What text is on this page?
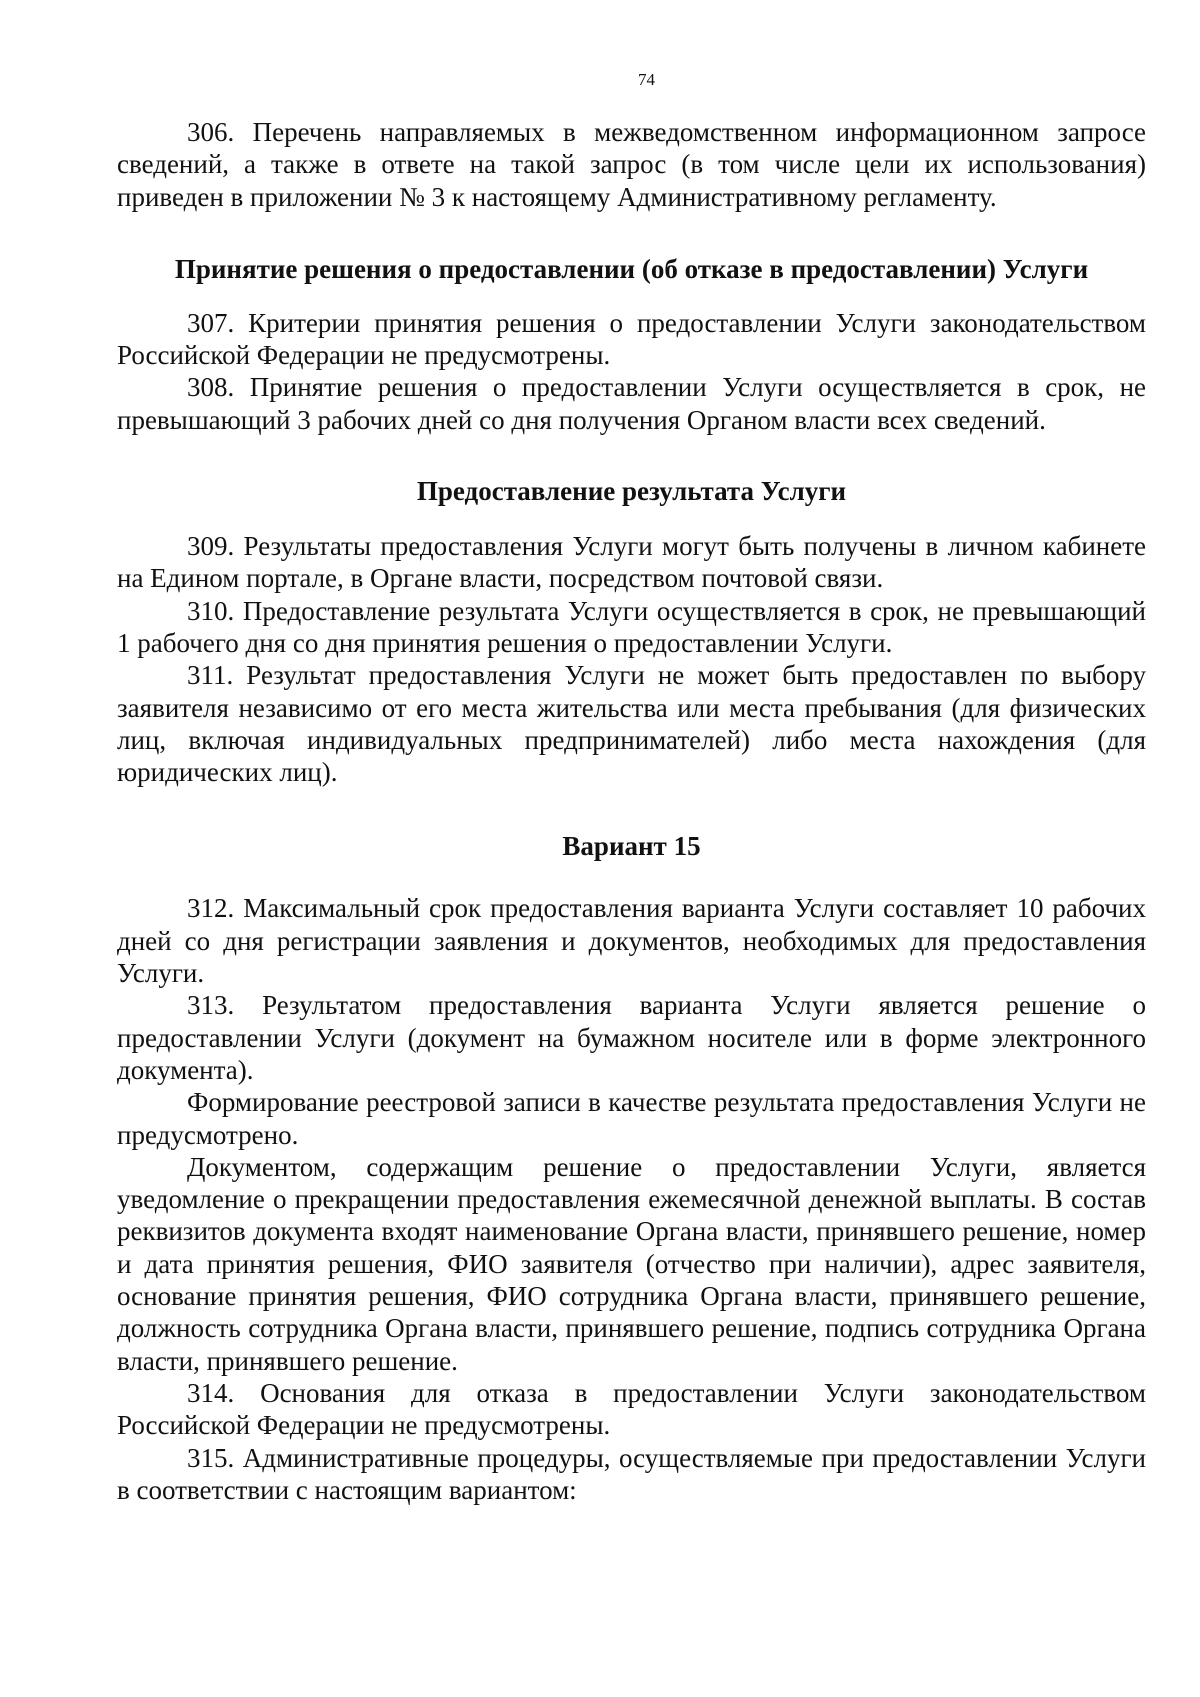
74

306. Перечень направляемых в межведомственном информационном запросе сведений, а также в ответе на такой запрос (в том числе цели их использования) приведен в приложении № 3 к настоящему Административному регламенту.

Принятие решения о предоставлении (об отказе в предоставлении) Услуги

307. Критерии принятия решения о предоставлении Услуги законодательством Российской Федерации не предусмотрены.

308. Принятие решения о предоставлении Услуги осуществляется в срок, не превышающий 3 рабочих дней со дня получения Органом власти всех сведений.

Предоставление результата Услуги

309. Результаты предоставления Услуги могут быть получены в личном кабинете на Едином портале, в Органе власти, посредством почтовой связи.

310. Предоставление результата Услуги осуществляется в срок, не превышающий 1 рабочего дня со дня принятия решения о предоставлении Услуги.

311. Результат предоставления Услуги не может быть предоставлен по выбору заявителя независимо от его места жительства или места пребывания (для физических лиц, включая индивидуальных предпринимателей) либо места нахождения (для юридических лиц).

Вариант 15

312. Максимальный срок предоставления варианта Услуги составляет 10 рабочих дней со дня регистрации заявления и документов, необходимых для предоставления Услуги.

313. Результатом предоставления варианта Услуги является решение о предоставлении Услуги (документ на бумажном носителе или в форме электронного документа).

Формирование реестровой записи в качестве результата предоставления Услуги не предусмотрено.

Документом, содержащим решение о предоставлении Услуги, является уведомление о прекращении предоставления ежемесячной денежной выплаты. В состав реквизитов документа входят наименование Органа власти, принявшего решение, номер и дата принятия решения, ФИО заявителя (отчество при наличии), адрес заявителя, основание принятия решения, ФИО сотрудника Органа власти, принявшего решение, должность сотрудника Органа власти, принявшего решение, подпись сотрудника Органа власти, принявшего решение.

314. Основания для отказа в предоставлении Услуги законодательством Российской Федерации не предусмотрены.

315. Административные процедуры, осуществляемые при предоставлении Услуги в соответствии с настоящим вариантом:
